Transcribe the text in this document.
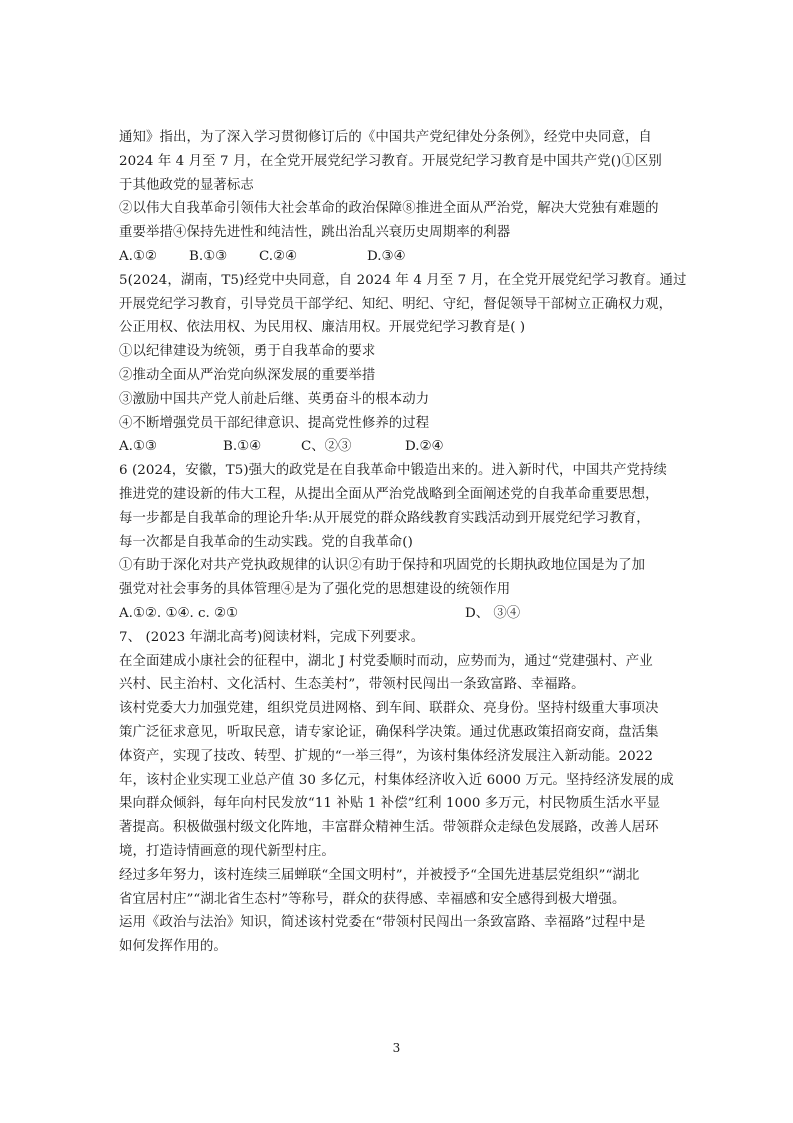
通知》指出，为了深入学习贯彻修订后的《中国共产党纪律处分条例》，经党中央同意，自
2024 年 4 月至 7 月，在全党开展党纪学习教育。开展党纪学习教育是中国共产党()①区别
于其他政党的显著标志
②以伟大自我革命引领伟大社会革命的政治保障⑧推进全面从严治党，解决大党独有难题的
重要举措④保持先进性和纯洁性，跳出治乱兴衰历史周期率的利器
A.①②	B.①③	C.②④	D.③④
5(2024，湖南，T5)经党中央同意，自 2024 年 4 月至 7 月，在全党开展党纪学习教育。通过
开展党纪学习教育，引导党员干部学纪、知纪、明纪、守纪，督促领导干部树立正确权力观，
公正用权、依法用权、为民用权、廉洁用权。开展党纪学习教育是( )
①以纪律建设为统领，勇于自我革命的要求
②推动全面从严治党向纵深发展的重要举措
③激励中国共产党人前赴后继、英勇奋斗的根本动力
④不断增强党员干部纪律意识、提高党性修养的过程
A.①③	B.①④	C、②③	D.②④
6 (2024，安徽，T5)强大的政党是在自我革命中锻造出来的。进入新时代，中国共产党持续
推进党的建设新的伟大工程，从提出全面从严治党战略到全面阐述党的自我革命重要思想，
每一步都是自我革命的理论升华:从开展党的群众路线教育实践活动到开展党纪学习教育，
每一次都是自我革命的生动实践。党的自我革命()
①有助于深化对共产党执政规律的认识②有助于保持和巩固党的长期执政地位国是为了加
强党对社会事务的具体管理④是为了强化党的思想建设的统领作用
A.①②. ①④. c. ②①	D、 ③④
7、 (2023 年湖北高考)阅读材料，完成下列要求。
在全面建成小康社会的征程中，湖北 J 村党委顺时而动，应势而为，通过“党建强村、产业
兴村、民主治村、文化活村、生态美村”，带领村民闯出一条致富路、幸福路。
该村党委大力加强党建，组织党员进网格、到车间、联群众、亮身份。坚持村级重大事项决
策广泛征求意见，听取民意，请专家论证，确保科学决策。通过优惠政策招商安商，盘活集
体资产，实现了技改、转型、扩规的“一举三得”，为该村集体经济发展注入新动能。2022
年，该村企业实现工业总产值 30 多亿元，村集体经济收入近 6000 万元。坚持经济发展的成
果向群众倾斜，每年向村民发放“11 补贴 1 补偿”红利 1000 多万元，村民物质生活水平显
著提高。积极做强村级文化阵地，丰富群众精神生活。带领群众走绿色发展路，改善人居环
境，打造诗情画意的现代新型村庄。
经过多年努力，该村连续三届蝉联“全国文明村”，并被授予“全国先进基层党组织”“湖北
省宜居村庄”“湖北省生态村”等称号，群众的获得感、幸福感和安全感得到极大增强。
运用《政治与法治》知识，简述该村党委在“带领村民闯出一条致富路、幸福路”过程中是
如何发挥作用的。
3
